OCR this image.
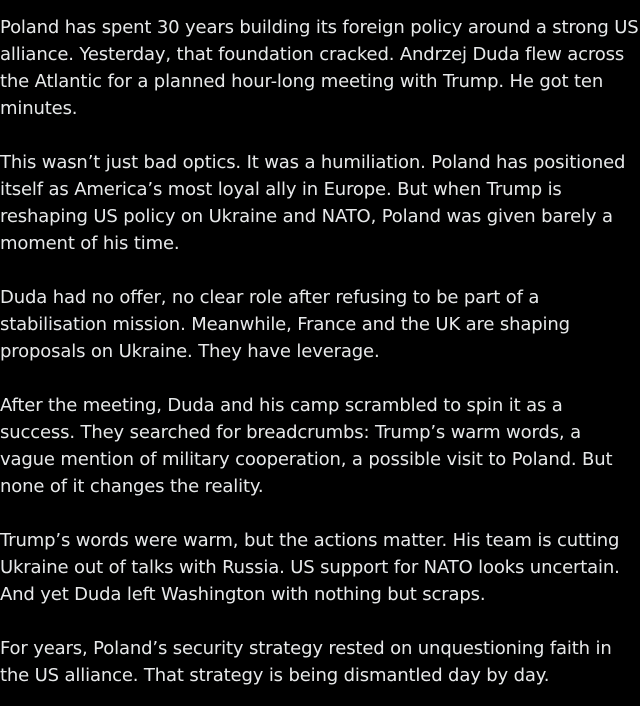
Poland has spent 30 years building its foreign policy around a strong US alliance. Yesterday, that foundation cracked. Andrzej Duda flew across the Atlantic for a planned hour-long meeting with Trump. He got ten minutes.

This wasn’t just bad optics. It was a humiliation. Poland has positioned itself as America’s most loyal ally in Europe. But when Trump is reshaping US policy on Ukraine and NATO, Poland was given barely a moment of his time.

Duda had no offer, no clear role after refusing to be part of a stabilisation mission. Meanwhile, France and the UK are shaping proposals on Ukraine. They have leverage.

After the meeting, Duda and his camp scrambled to spin it as a success. They searched for breadcrumbs: Trump’s warm words, a vague mention of military cooperation, a possible visit to Poland. But none of it changes the reality.

Trump’s words were warm, but the actions matter. His team is cutting Ukraine out of talks with Russia. US support for NATO looks uncertain. And yet Duda left Washington with nothing but scraps.

For years, Poland’s security strategy rested on unquestioning faith in the US alliance. That strategy is being dismantled day by day.
